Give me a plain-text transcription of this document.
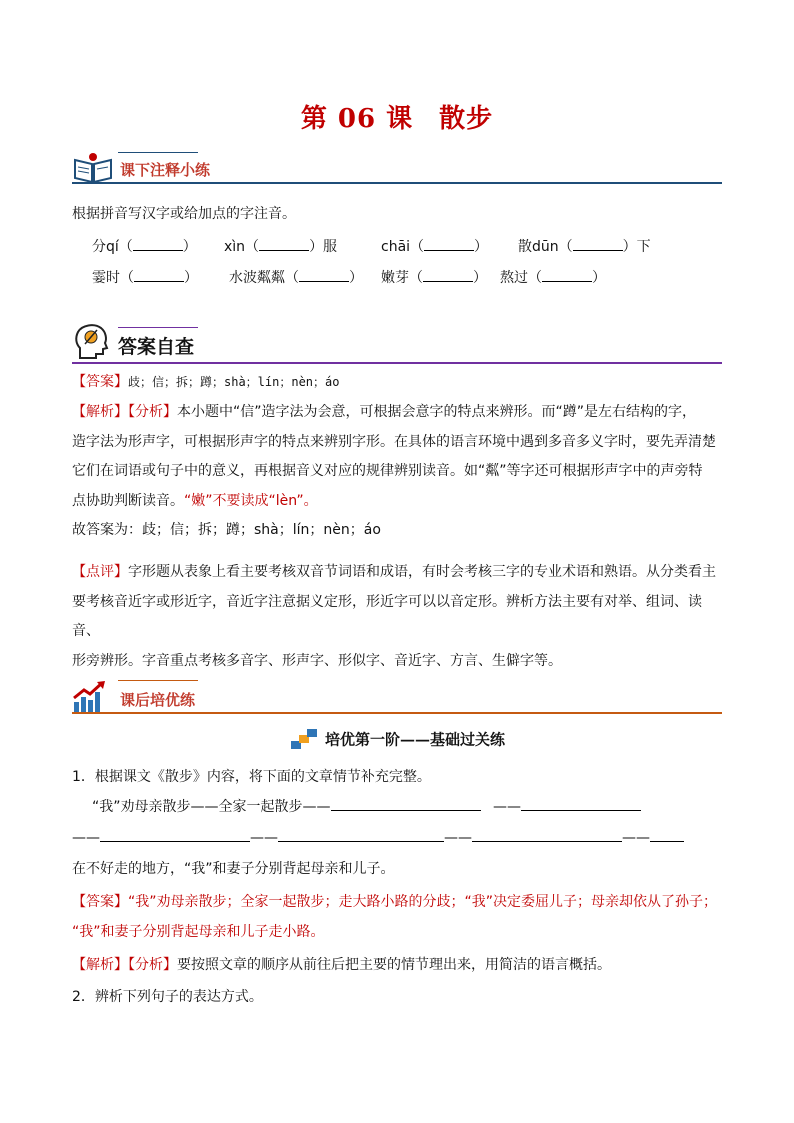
第 06 课 散步
课下注释小练
根据拼音写汉字或给加点的字注音。
分qí（	）	xìn（	）服	chāi（	）	散dūn（	）下
霎时（	）	水波粼粼（	）	嫩芽（	） 熬过（	）
答案自查
【答案】歧；信；拆；蹲；shà；lín；nèn；áo
【解析】【分析】本小题中“信”造字法为会意，可根据会意字的特点来辨形。而“蹲”是左右结构的字，
造字法为形声字，可根据形声字的特点来辨别字形。在具体的语言环境中遇到多音多义字时，要先弄清楚
它们在词语或句子中的意义，再根据音义对应的规律辨别读音。如“粼”等字还可根据形声字中的声旁特
点协助判断读音。“嫩”不要读成“lèn”。
故答案为：歧；信；拆；蹲；shà；lín；nèn；áo
【点评】字形题从表象上看主要考核双音节词语和成语，有时会考核三字的专业术语和熟语。从分类看主
要考核音近字或形近字，音近字注意据义定形，形近字可以以音定形。辨析方法主要有对举、组词、读音、
形旁辨形。字音重点考核多音字、形声字、形似字、音近字、方言、生僻字等。
课后培优练
培优第一阶——基础过关练
1．根据课文《散步》内容，将下面的文章情节补充完整。
“我”劝母亲散步——全家一起散步——	——
——	——	——	——
在不好走的地方，“我”和妻子分别背起母亲和儿子。
【答案】“我”劝母亲散步；全家一起散步；走大路小路的分歧；“我”决定委屈儿子；母亲却依从了孙子；
“我”和妻子分别背起母亲和儿子走小路。
【解析】【分析】要按照文章的顺序从前往后把主要的情节理出来，用简洁的语言概括。
2．辨析下列句子的表达方式。
